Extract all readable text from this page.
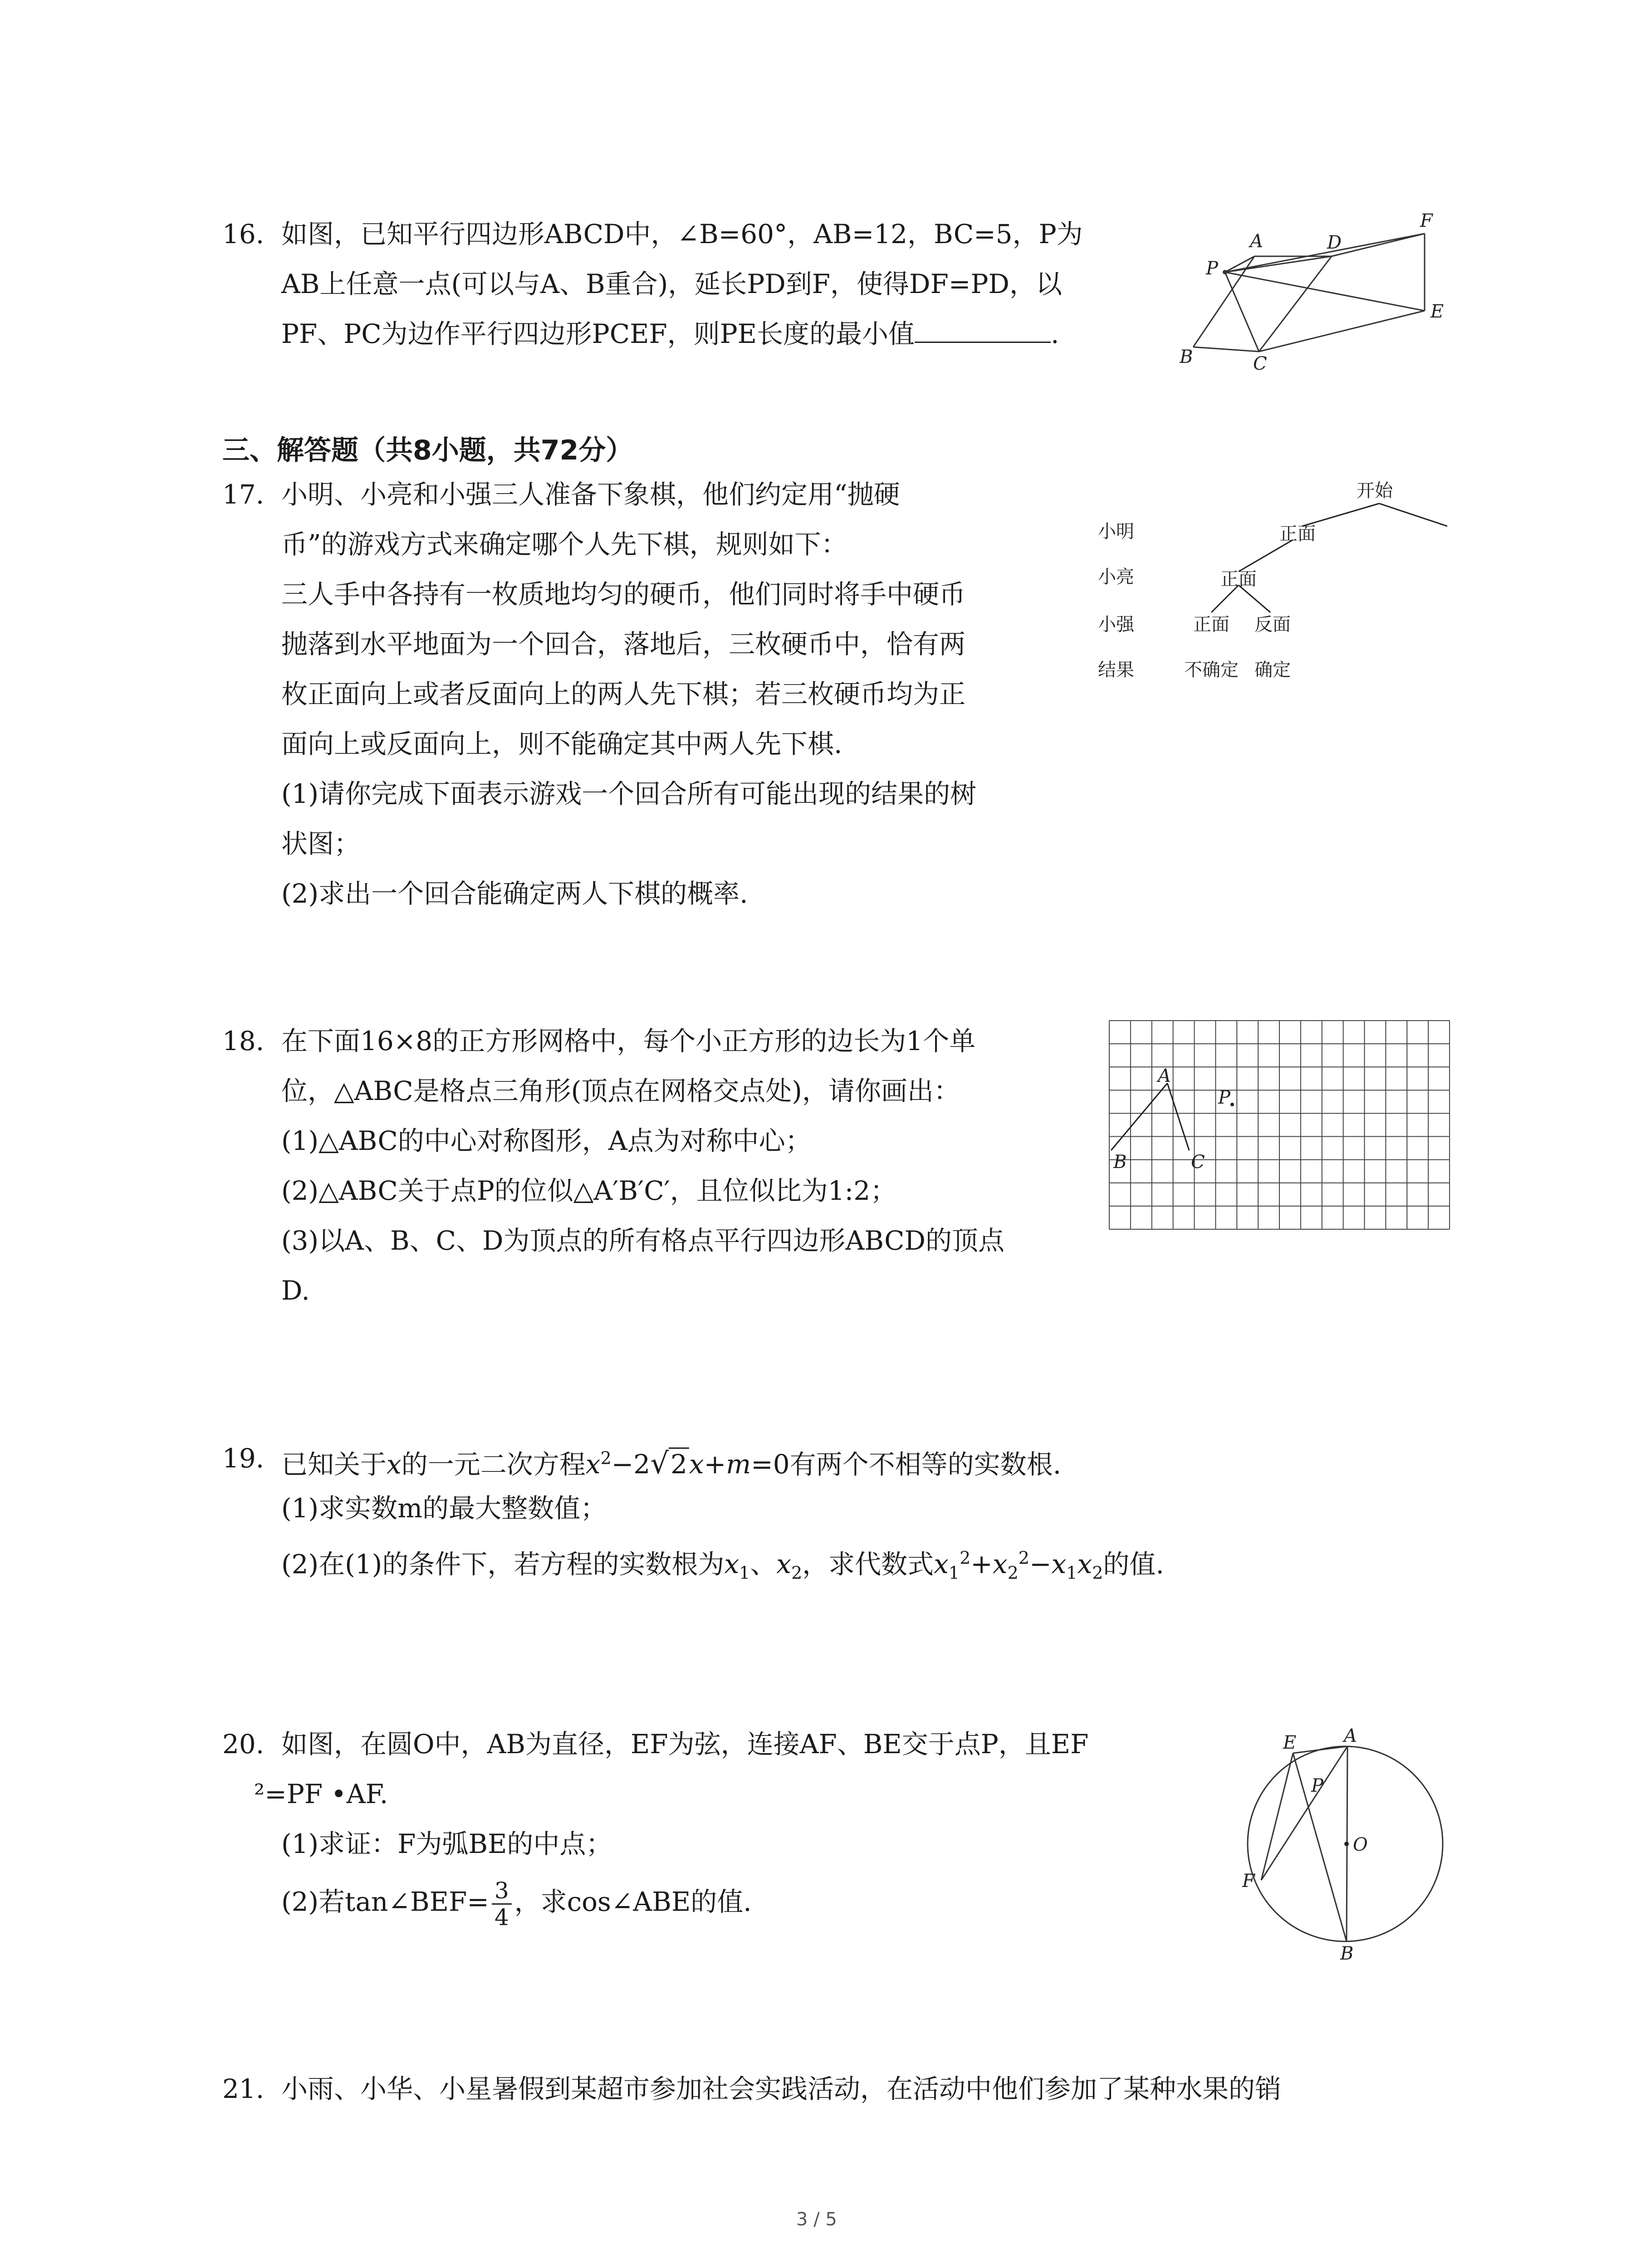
16. 如图，已知平行四边形ABCD中，∠B=60°，AB=12，BC=5，P为
AB上任意一点(可以与A、B重合)，延长PD到F，使得DF=PD，以
PF、PC为边作平行四边形PCEF，则PE长度的最小值	.
A	D
F
P
E
B	C
三、解答题（共8小题，共72分）
17. 小明、小亮和小强三人准备下象棋，他们约定用“抛硬
币”的游戏方式来确定哪个人先下棋，规则如下：
三人手中各持有一枚质地均匀的硬币，他们同时将手中硬币
抛落到水平地面为一个回合，落地后，三枚硬币中，恰有两
枚正面向上或者反面向上的两人先下棋；若三枚硬币均为正
面向上或反面向上，则不能确定其中两人先下棋.
(1)请你完成下面表示游戏一个回合所有可能出现的结果的树
状图；
(2)求出一个回合能确定两人下棋的概率.
开始
正面
正面
正面 反面
小明
小亮
小强
结果	不确定 确定
18. 在下面16×8的正方形网格中，每个小正方形的边长为1个单
位，△ABC是格点三角形(顶点在网格交点处)，请你画出：
(1)△ABC的中心对称图形，A点为对称中心；
(2)△ABC关于点P的位似△A′B′C′，且位似比为1:2；
(3)以A、B、C、D为顶点的所有格点平行四边形ABCD的顶点
D.
A
B	C
P
19. 已知关于x的一元二次方程$x^2-2√2x+m=0$有两个不相等的实数根.
(1)求实数m的最大整数值；
(2)在(1)的条件下，若方程的实数根为$x_1$、$x_2$，求代数式$x_1^2+x_2^2-x_1x_2$的值.
20. 如图，在圆O中，AB为直径，EF为弦，连接AF、BE交于点P，且EF
²=PF •AF.
(1)求证：F为弧BE的中点；
(2)若tan∠BEF= $\frac{3}{4}$ ，求cos∠ABE的值.
A
E
P
O
F
B
21. 小雨、小华、小星暑假到某超市参加社会实践活动，在活动中他们参加了某种水果的销
3 / 5
